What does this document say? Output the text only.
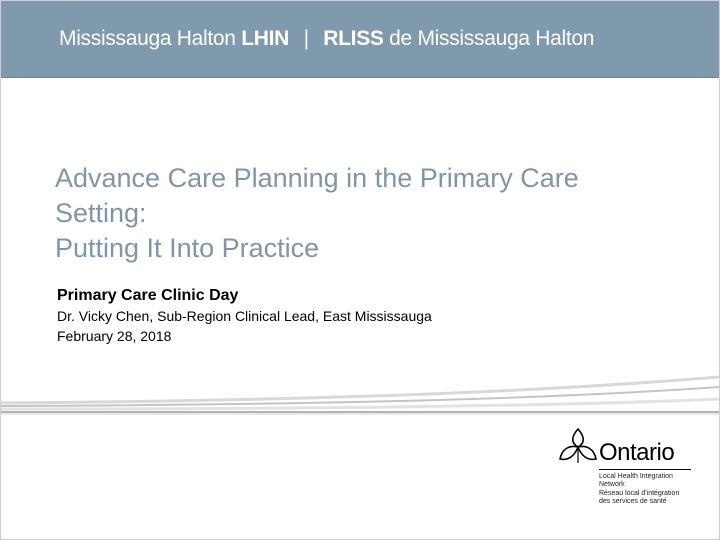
Mississauga Halton LHIN | RLISS de Mississauga Halton
Advance Care Planning in the Primary Care
Setting:
Putting It Into Practice
Primary Care Clinic Day
Dr. Vicky Chen, Sub-Region Clinical Lead, East Mississauga
February 28, 2018
Ontario
Local Health Integration
Network
Réseau local d'intégration
des services de santé
